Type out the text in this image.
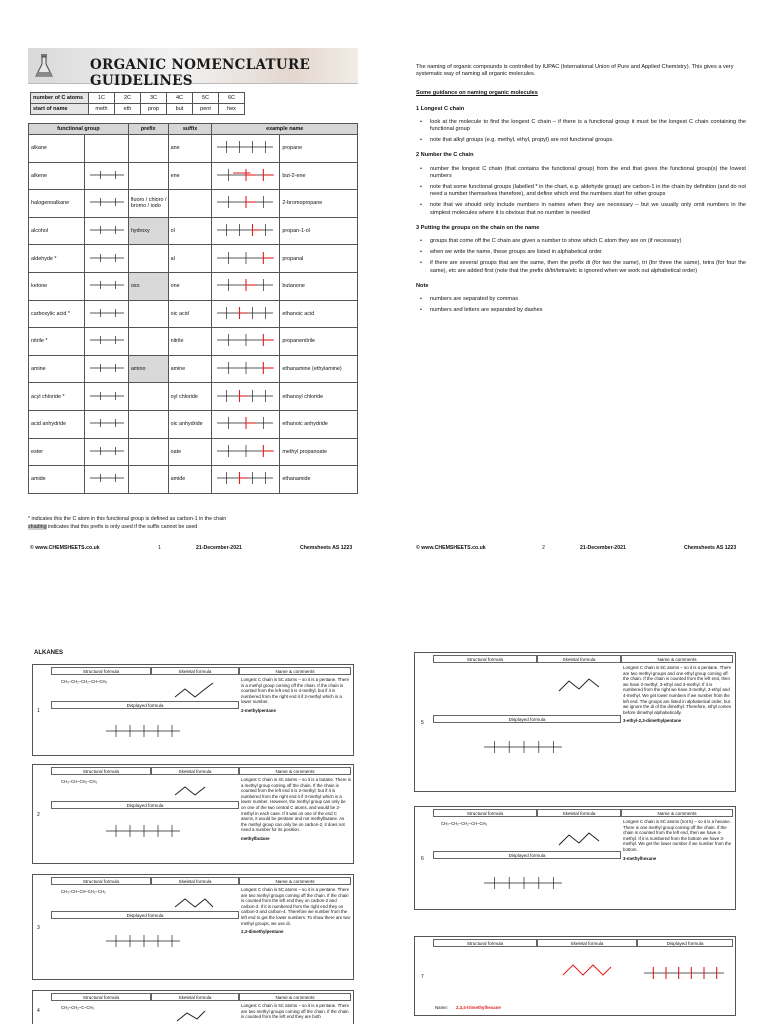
ORGANIC NOMENCLATURE GUIDELINES
number of C atoms	1C	2C	3C	4C	5C	6C
start of name	meth	eth	prop	but	pent	hex
functional group		prefix	suffix	example name	
alkane			ane		propane
alkene			ene		but-2-ene
halogenoalkane		fluoro / chloro / bromo / iodo			2-bromopropane
alcohol		hydroxy	ol		propan-1-ol
aldehyde *			al		propanal
ketone		oxo	one		butanone
carboxylic acid *			oic acid		ethanoic acid
nitrile *			nitrile		propanenitrile
amine		amino	amine		ethanamine (ethylamine)
acyl chloride *			oyl chloride		ethanoyl chloride
acid anhydride			oic anhydride		ethanoic anhydride
ester			oate		methyl propanoate
amide			amide		ethanamide
* indicates this the C atom in this functional group is defined as carbon-1 in the chain
shading indicates that this prefix is only used if the suffix cannot be used
© www.CHEMSHEETS.co.uk	1	21-December-2021	Chemsheets AS 1223

The naming of organic compounds is controlled by IUPAC (International Union of Pure and Applied Chemistry). This gives a very systematic way of naming all organic molecules.

Some guidance on naming organic molecules
1 Longest C chain
• look at the molecule to find the longest C chain – if there is a functional group it must be the longest C chain containing the functional group
• note that alkyl groups (e.g. methyl, ethyl, propyl) are not functional groups.
2 Number the C chain
• number the longest C chain (that contains the functional group) from the end that gives the functional group(s) the lowest numbers
• note that some functional groups (labelled * in the chart, e.g. aldehyde group) are carbon-1 in the chain by definition (and do not need a number themselves therefore), and define which end the numbers start for other groups
• note that we should only include numbers in names when they are necessary – but we usually only omit numbers in the simplest molecules where it is obvious that no number is needed
3 Putting the groups on the chain on the name
• groups that come off the C chain are given a number to show which C atom they are on (if necessary)
• when we write the name, these groups are listed in alphabetical order
• if there are several groups that are the same, then the prefix di (for two the same), tri (for three the same), tetra (for four the same), etc are added first (note that the prefix di/tri/tetra/etc is ignored when we work out alphabetical order)
Note
• numbers are separated by commas
• numbers and letters are separated by dashes
© www.CHEMSHEETS.co.uk	2	21-December-2021	Chemsheets AS 1223
ALKANES
1
Structural formula	Skeletal formula	Name & comments
CH₃–CH₂–CH₂–CH–CH₃
Displayed formula
Longest C chain is 5C atoms – so it is a pentane. There is a methyl group coming off the chain. If the chain is counted from the left end it is 4-methyl; but if it is numbered from the right end it if 2-methyl which is a lower number.
2-methylpentane
2
Structural formula	Skeletal formula	Name & comments
CH₃–CH–CH₂–CH₃
Displayed formula
Longest C chain is 4C atoms – so it is a butane. There is a methyl group coming off the chain. If the chain is counted from the left end it is 2-methyl; but if it is numbered from the right end it if 3-methyl which is a lower number. However, the methyl group can only be on one of the two central C atoms, and would be 2-methyl in each case. If it was on one of the end C atoms, it would be pentane and not methylbutane. As the methyl group can only be on carbon-2, it does not need a number for its position.
methylbutane
3
Structural formula	Skeletal formula	Name & comments
CH₃–CH–CH–CH₂–CH₃
Displayed formula
Longest C chain is 5C atoms – so it is a pentane. There are two methyl groups coming off the chain. If the chain is counted from the left end they on carbon-2 and carbon-3. If it is numbered from the right end they on carbon-3 and carbon-4. Therefore we number from the left end to get the lower numbers. To show there are two methyl groups, we use di.
2,3-dimethylpentane
4
Structural formula	Skeletal formula	Name & comments
CH₃–CH₂–C–CH₃	Longest C chain is 5C atoms – so it is a pentane. There are two methyl groups coming off the chain. If the chain is counted from the left end they are both
5
Structural formula	Skeletal formula	Name & comments
Displayed formula
Longest C chain is 5C atoms – so it is a pentane. There are two methyl groups and one ethyl group coming off the chain. If the chain is counted from the left end, then we have 2-methyl, 3-ethyl and 3-methyl. If it is numbered from the right we have 3-methyl, 3-ethyl and 4-methyl. We get lower numbers if we number from the left end. The groups are listed in alphabetical order, but we ignore the di of the dimethyl. Therefore, ethyl comes before dimethyl alphabetically.
3-ethyl-2,3-dimethylpentane
6
Structural formula	Skeletal formula	Name & comments
CH₃–CH₂–CH₂–CH–CH₃
Displayed formula
Longest C chain is 6C atoms (not 5) – so it is a hexane. There is one methyl group coming off the chain. If the chain is counted from the left end, then we have 4-methyl. If it is numbered from the bottom we have 3-methyl. We get the lower number if we number from the bottom.
3-methylhexane
7
Structural formula	Skeletal formula	Displayed formula
Name: 2,3,4-trimethylhexane
